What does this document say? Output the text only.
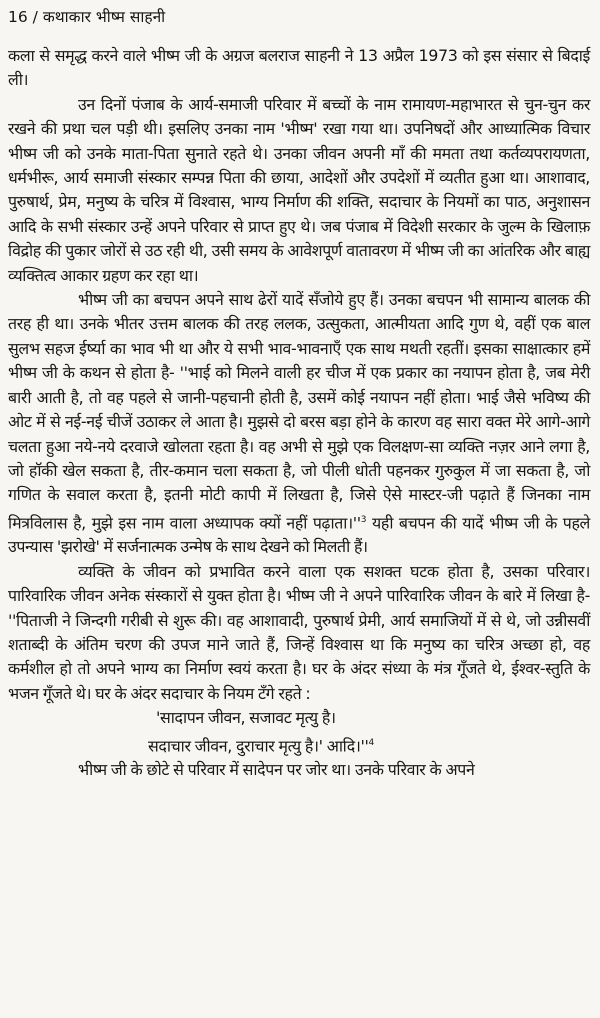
16 / कथाकार भीष्म साहनी

कला से समृद्ध करने वाले भीष्म जी के अग्रज बलराज साहनी ने 13 अप्रैल 1973 को इस संसार से बिदाई ली।

उन दिनों पंजाब के आर्य-समाजी परिवार में बच्चों के नाम रामायण-महाभारत से चुन-चुन कर रखने की प्रथा चल पड़ी थी। इसलिए उनका नाम 'भीष्म' रखा गया था। उपनिषदों और आध्यात्मिक विचार भीष्म जी को उनके माता-पिता सुनाते रहते थे। उनका जीवन अपनी माँ की ममता तथा कर्तव्यपरायणता, धर्मभीरू, आर्य समाजी संस्कार सम्पन्न पिता की छाया, आदेशों और उपदेशों में व्यतीत हुआ था। आशावाद, पुरुषार्थ, प्रेम, मनुष्य के चरित्र में विश्वास, भाग्य निर्माण की शक्ति, सदाचार के नियमों का पाठ, अनुशासन आदि के सभी संस्कार उन्हें अपने परिवार से प्राप्त हुए थे। जब पंजाब में विदेशी सरकार के जुल्म के खिलाफ़ विद्रोह की पुकार जोरों से उठ रही थी, उसी समय के आवेशपूर्ण वातावरण में भीष्म जी का आंतरिक और बाह्य व्यक्तित्व आकार ग्रहण कर रहा था।

भीष्म जी का बचपन अपने साथ ढेरों यादें सँजोये हुए हैं। उनका बचपन भी सामान्य बालक की तरह ही था। उनके भीतर उत्तम बालक की तरह ललक, उत्सुकता, आत्मीयता आदि गुण थे, वहीं एक बाल सुलभ सहज ईर्ष्या का भाव भी था और ये सभी भाव-भावनाएँ एक साथ मथती रहतीं। इसका साक्षात्कार हमें भीष्म जी के कथन से होता है- ''भाई को मिलने वाली हर चीज में एक प्रकार का नयापन होता है, जब मेरी बारी आती है, तो वह पहले से जानी-पहचानी होती है, उसमें कोई नयापन नहीं होता। भाई जैसे भविष्य की ओट में से नई-नई चीजें उठाकर ले आता है। मुझसे दो बरस बड़ा होने के कारण वह सारा वक्त मेरे आगे-आगे चलता हुआ नये-नये दरवाजे खोलता रहता है। वह अभी से मुझे एक विलक्षण-सा व्यक्ति नज़र आने लगा है, जो हॉकी खेल सकता है, तीर-कमान चला सकता है, जो पीली धोती पहनकर गुरुकुल में जा सकता है, जो गणित के सवाल करता है, इतनी मोटी कापी में लिखता है, जिसे ऐसे मास्टर-जी पढ़ाते हैं जिनका नाम मित्रविलास है, मुझे इस नाम वाला अध्यापक क्यों नहीं $पढ़ाता।''^3$ यही बचपन की यादें भीष्म जी के पहले उपन्यास 'झरोखे' में सर्जनात्मक उन्मेष के साथ देखने को मिलती हैं।

व्यक्ति के जीवन को प्रभावित करने वाला एक सशक्त घटक होता है, उसका परिवार। पारिवारिक जीवन अनेक संस्कारों से युक्त होता है। भीष्म जी ने अपने पारिवारिक जीवन के बारे में लिखा है- ''पिताजी ने जिन्दगी गरीबी से शुरू की। वह आशावादी, पुरुषार्थ प्रेमी, आर्य समाजियों में से थे, जो उन्नीसवीं शताब्दी के अंतिम चरण की उपज माने जाते हैं, जिन्हें विश्वास था कि मनुष्य का चरित्र अच्छा हो, वह कर्मशील हो तो अपने भाग्य का निर्माण स्वयं करता है। घर के अंदर संध्या के मंत्र गूँजते थे, ईश्वर-स्तुति के भजन गूँजते थे। घर के अंदर सदाचार के नियम टँगे रहते :

'सादापन जीवन, सजावट मृत्यु है।

सदाचार जीवन, दुराचार मृत्यु है।' $आदि।''^4$

भीष्म जी के छोटे से परिवार में सादेपन पर जोर था। उनके परिवार के अपने
